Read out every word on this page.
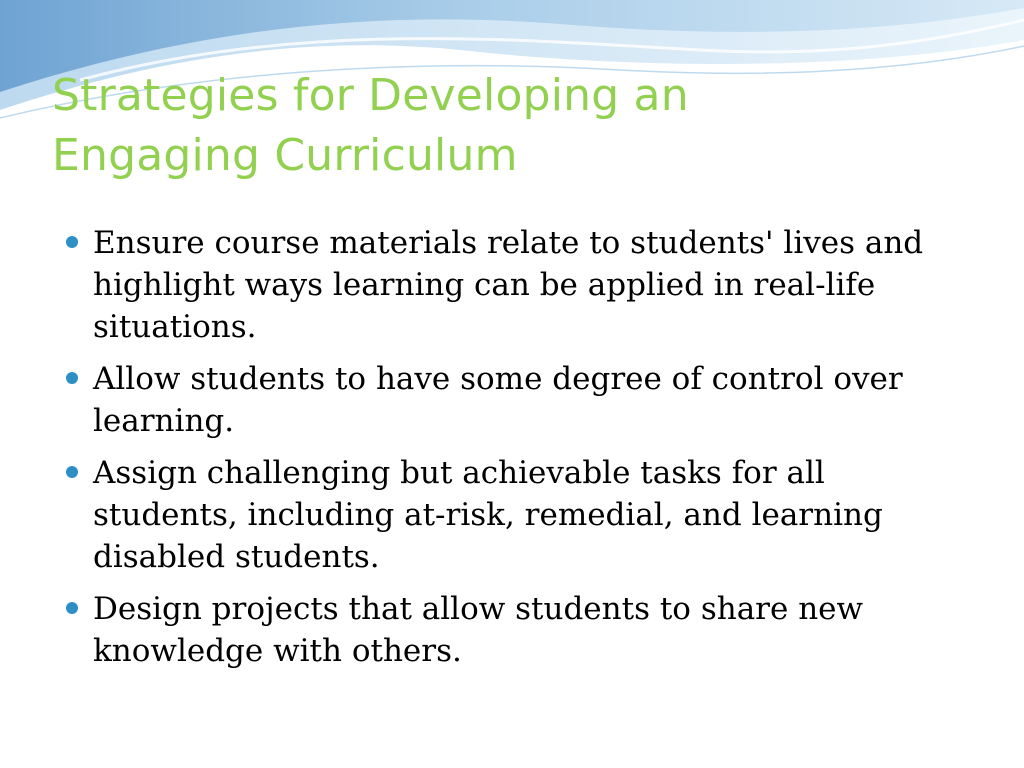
Strategies for Developing an
Engaging Curriculum
Ensure course materials relate to students' lives and highlight ways learning can be applied in real-life situations.
Allow students to have some degree of control over learning.
Assign challenging but achievable tasks for all students, including at-risk, remedial, and learning disabled students.
Design projects that allow students to share new knowledge with others.
